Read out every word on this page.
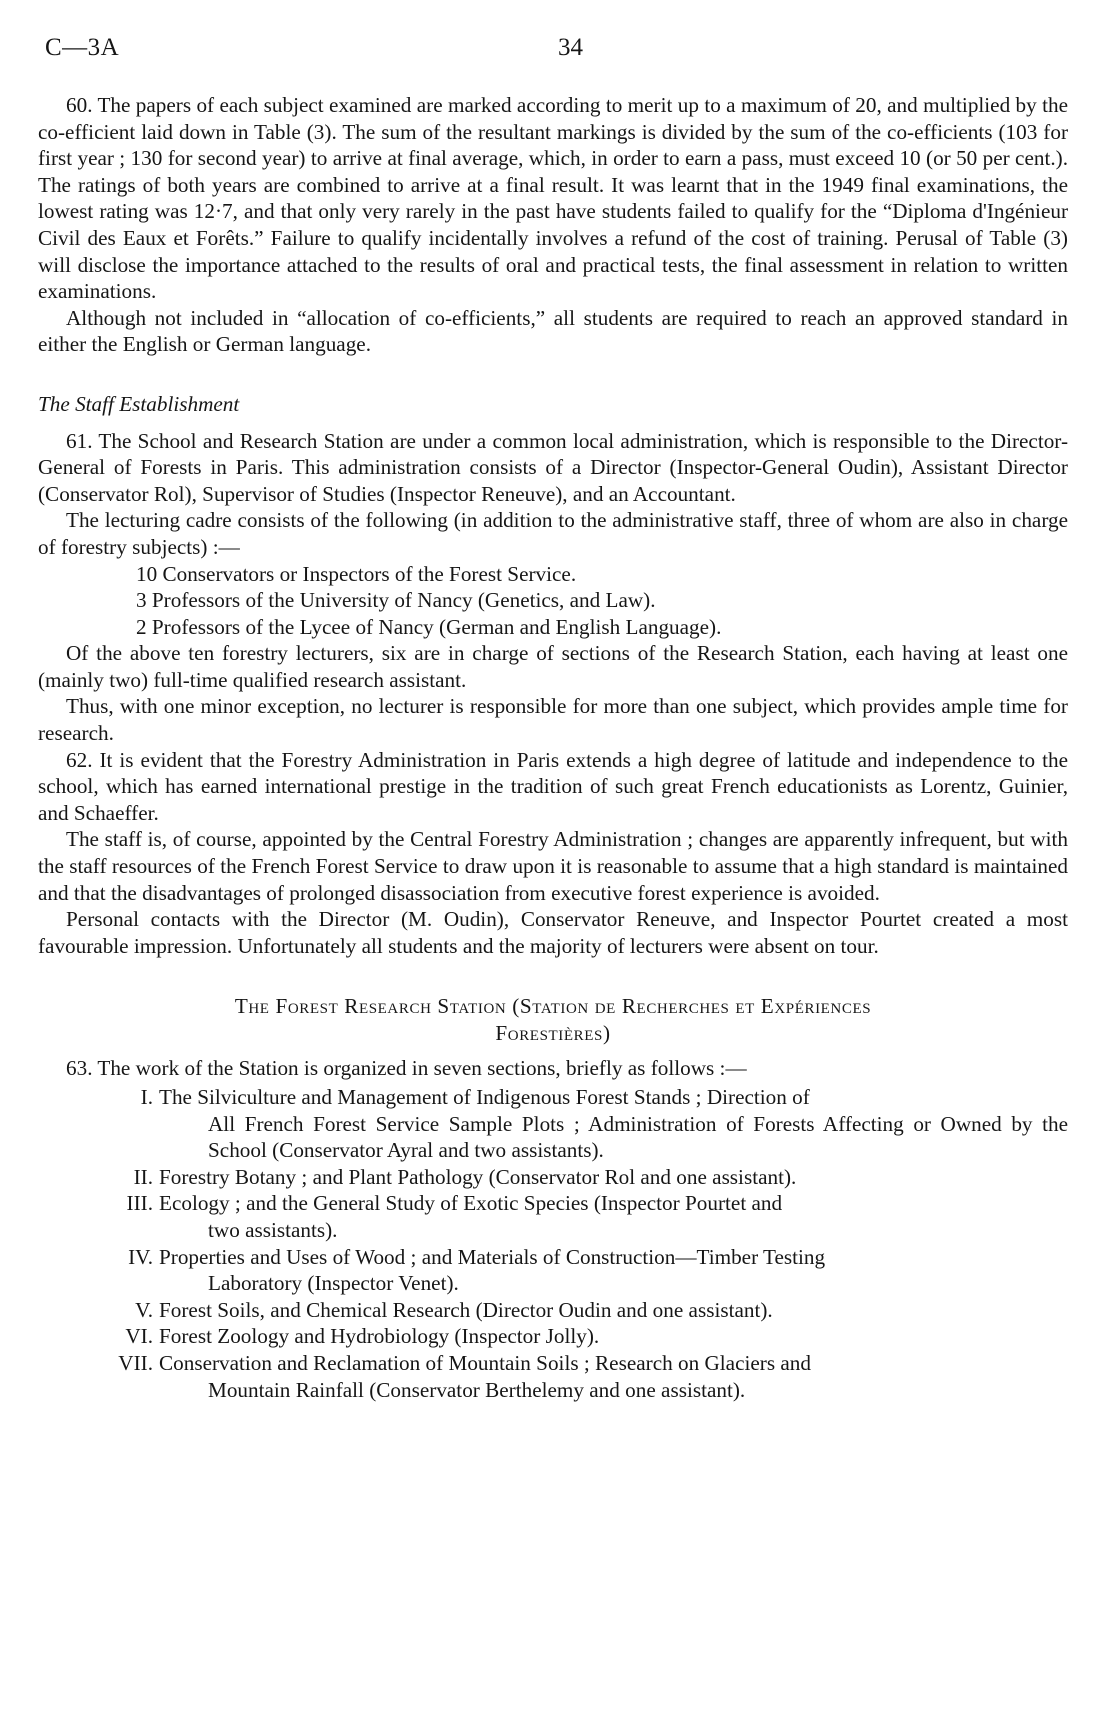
C—3A	34

60. The papers of each subject examined are marked according to merit up to a maximum of 20, and multiplied by the co-efficient laid down in Table (3). The sum of the resultant markings is divided by the sum of the co-efficients (103 for first year ; 130 for second year) to arrive at final average, which, in order to earn a pass, must exceed 10 (or 50 per cent.). The ratings of both years are combined to arrive at a final result. It was learnt that in the 1949 final examinations, the lowest rating was 12·7, and that only very rarely in the past have students failed to qualify for the “Diploma d'Ingénieur Civil des Eaux et Forêts.” Failure to qualify incidentally involves a refund of the cost of training. Perusal of Table (3) will disclose the importance attached to the results of oral and practical tests, the final assessment in relation to written examinations.

Although not included in “allocation of co-efficients,” all students are required to reach an approved standard in either the English or German language.

The Staff Establishment

61. The School and Research Station are under a common local administration, which is responsible to the Director-General of Forests in Paris. This administration consists of a Director (Inspector-General Oudin), Assistant Director (Conservator Rol), Supervisor of Studies (Inspector Reneuve), and an Accountant.

The lecturing cadre consists of the following (in addition to the administrative staff, three of whom are also in charge of forestry subjects) :—

10 Conservators or Inspectors of the Forest Service.

3 Professors of the University of Nancy (Genetics, and Law).

2 Professors of the Lycee of Nancy (German and English Language).

Of the above ten forestry lecturers, six are in charge of sections of the Research Station, each having at least one (mainly two) full-time qualified research assistant.

Thus, with one minor exception, no lecturer is responsible for more than one subject, which provides ample time for research.

62. It is evident that the Forestry Administration in Paris extends a high degree of latitude and independence to the school, which has earned international prestige in the tradition of such great French educationists as Lorentz, Guinier, and Schaeffer.

The staff is, of course, appointed by the Central Forestry Administration ; changes are apparently infrequent, but with the staff resources of the French Forest Service to draw upon it is reasonable to assume that a high standard is maintained and that the disadvantages of prolonged disassociation from executive forest experience is avoided.

Personal contacts with the Director (M. Oudin), Conservator Reneuve, and Inspector Pourtet created a most favourable impression. Unfortunately all students and the majority of lecturers were absent on tour.

The Forest Research Station (Station de Recherches et Expériences
Forestières)

63. The work of the Station is organized in seven sections, briefly as follows :—

I. The Silviculture and Management of Indigenous Forest Stands ; Direction of
All French Forest Service Sample Plots ; Administration of Forests Affecting or Owned by the School (Conservator Ayral and two assistants).
II. Forestry Botany ; and Plant Pathology (Conservator Rol and one assistant).
III. Ecology ; and the General Study of Exotic Species (Inspector Pourtet and
two assistants).
IV. Properties and Uses of Wood ; and Materials of Construction—Timber Testing
Laboratory (Inspector Venet).
V. Forest Soils, and Chemical Research (Director Oudin and one assistant).
VI. Forest Zoology and Hydrobiology (Inspector Jolly).
VII. Conservation and Reclamation of Mountain Soils ; Research on Glaciers and
Mountain Rainfall (Conservator Berthelemy and one assistant).
